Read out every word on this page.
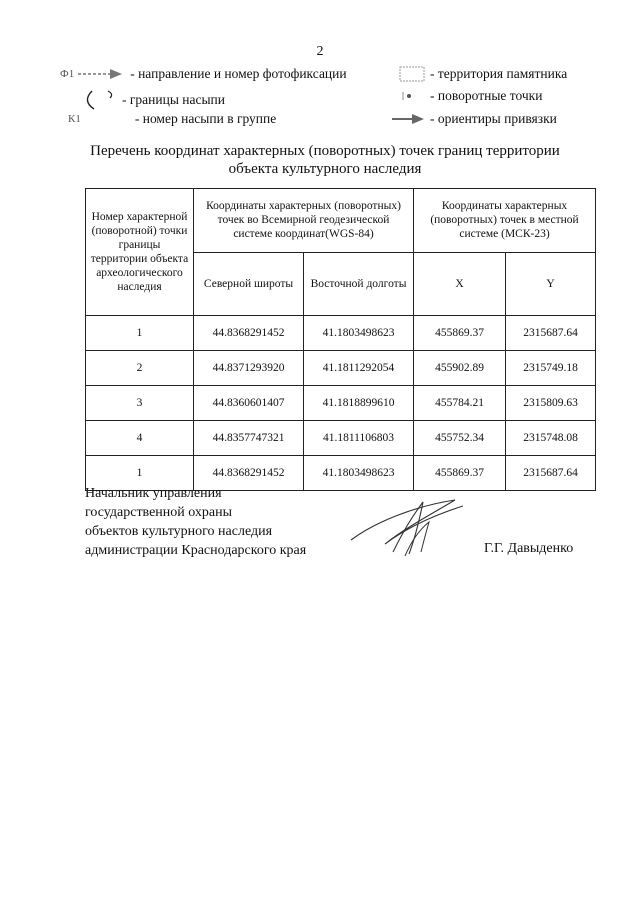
2
Ф1	- направление и номер фотофиксации
- границы насыпи
К1	- номер насыпи в группе
- территория памятника
- поворотные точки
- ориентиры привязки
Перечень координат характерных (поворотных) точек границ территории
объекта культурного наследия
Номер характерной (поворотной) точки границы территории объекта археологического наследия	Координаты характерных (поворотных) точек во Всемирной геодезической системе координат(WGS-84)		Координаты характерных (поворотных) точек в местной системе (МСК-23)	
	Северной широты	Восточной долготы	X	Y
1	44.8368291452	41.1803498623	455869.37	2315687.64
2	44.8371293920	41.1811292054	455902.89	2315749.18
3	44.8360601407	41.1818899610	455784.21	2315809.63
4	44.8357747321	41.1811106803	455752.34	2315748.08
1	44.8368291452	41.1803498623	455869.37	2315687.64
Начальник управления
государственной охраны
объектов культурного наследия
администрации Краснодарского края	Г.Г. Давыденко
